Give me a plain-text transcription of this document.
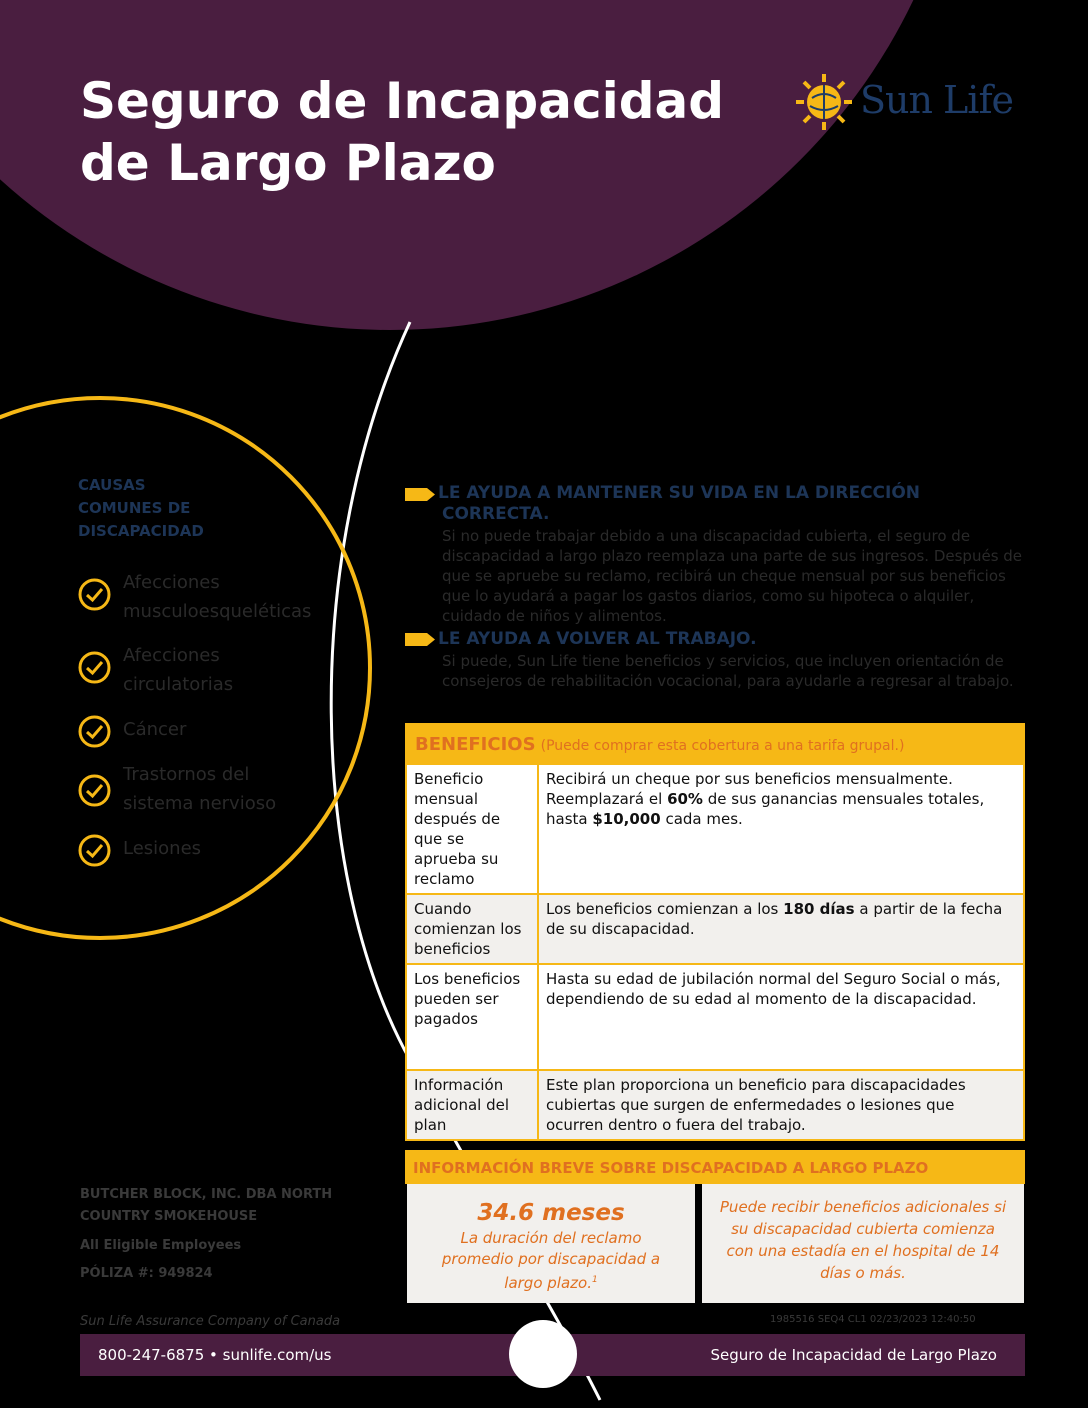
Seguro de Incapacidad
de Largo Plazo
Sun Life
CAUSAS
COMUNES DE
DISCAPACIDAD
Afecciones
musculoesqueléticas
Afecciones
circulatorias
Cáncer
Trastornos del
sistema nervioso
Lesiones
LE AYUDA A MANTENER SU VIDA EN LA DIRECCIÓN
CORRECTA.
Si no puede trabajar debido a una discapacidad cubierta, el seguro de discapacidad a largo plazo reemplaza una parte de sus ingresos. Después de que se apruebe su reclamo, recibirá un cheque mensual por sus beneficios que lo ayudará a pagar los gastos diarios, como su hipoteca o alquiler, cuidado de niños y alimentos.
LE AYUDA A VOLVER AL TRABAJO.
Si puede, Sun Life tiene beneficios y servicios, que incluyen orientación de consejeros de rehabilitación vocacional, para ayudarle a regresar al trabajo.
BENEFICIOS (Puede comprar esta cobertura a una tarifa grupal.)	
Beneficio mensual después de que se aprueba su reclamo	Recibirá un cheque por sus beneficios mensualmente. Reemplazará el 60% de sus ganancias mensuales totales, hasta $10,000 cada mes.
Cuando comienzan los beneficios	Los beneficios comienzan a los 180 días a partir de la fecha de su discapacidad.
Los beneficios pueden ser pagados	Hasta su edad de jubilación normal del Seguro Social o más, dependiendo de su edad al momento de la discapacidad.
Información adicional del plan	Este plan proporciona un beneficio para discapacidades cubiertas que surgen de enfermedades o lesiones que ocurren dentro o fuera del trabajo.
INFORMACIÓN BREVE SOBRE DISCAPACIDAD A LARGO PLAZO
34.6 meses
La duración del reclamo promedio por discapacidad a largo plazo.$^1$
Puede recibir beneficios adicionales si su discapacidad cubierta comienza con una estadía en el hospital de 14 días o más.
BUTCHER BLOCK, INC. DBA NORTH
COUNTRY SMOKEHOUSE
All Eligible Employees
PÓLIZA #: 949824
Sun Life Assurance Company of Canada	1985516 SEQ4 CL1 02/23/2023 12:40:50
800-247-6875 • sunlife.com/us	Seguro de Incapacidad de Largo Plazo
